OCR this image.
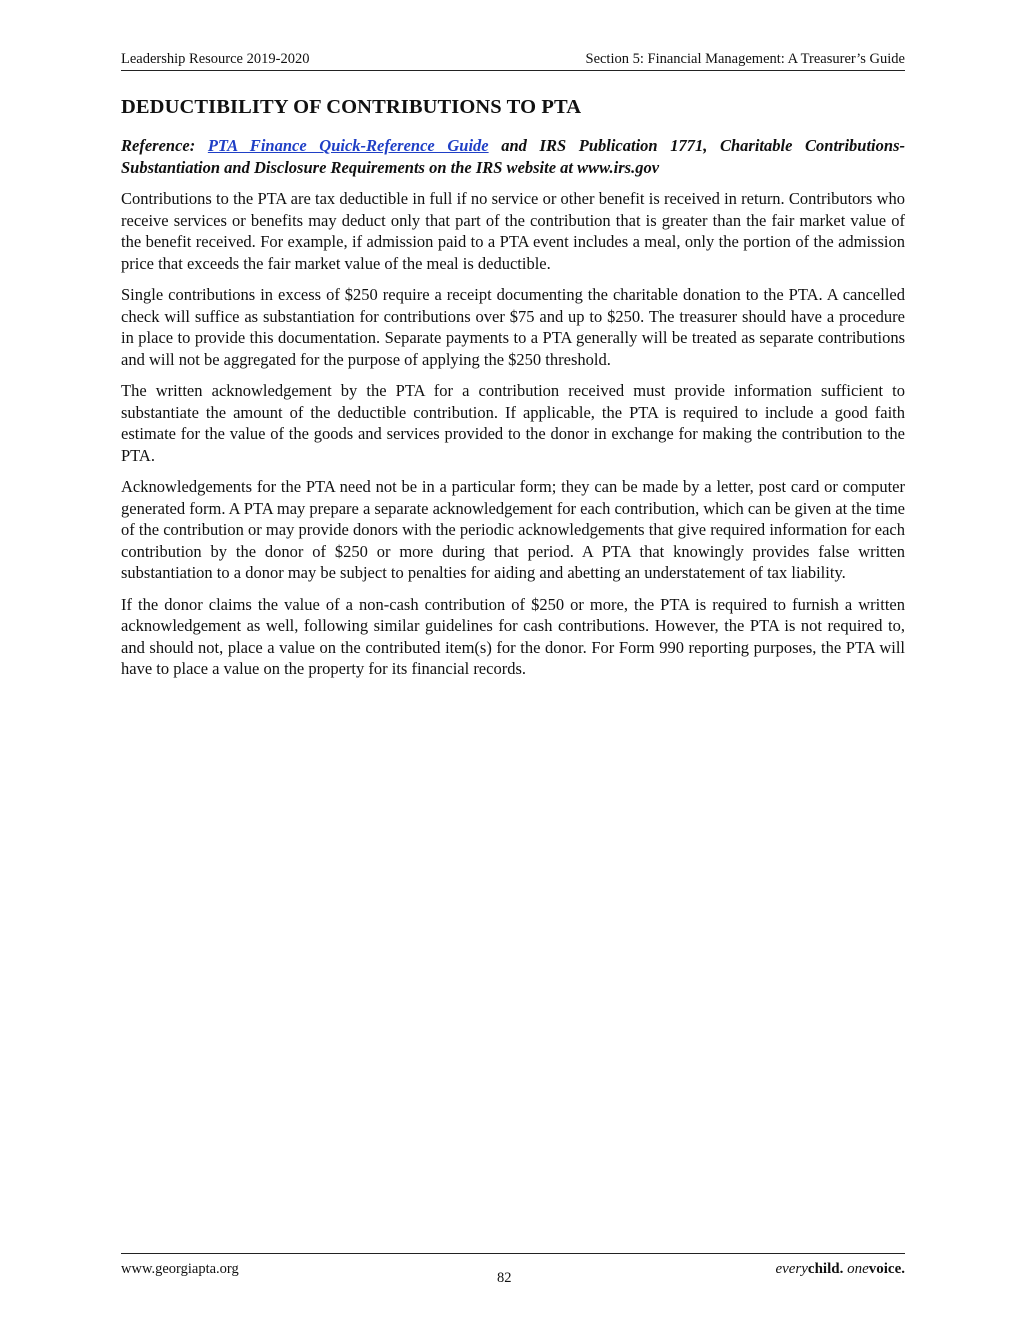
Leadership Resource 2019-2020	Section 5: Financial Management: A Treasurer’s Guide
DEDUCTIBILITY OF CONTRIBUTIONS TO PTA

Reference: PTA Finance Quick-Reference Guide and IRS Publication 1771, Charitable Contributions- Substantiation and Disclosure Requirements on the IRS website at www.irs.gov

Contributions to the PTA are tax deductible in full if no service or other benefit is received in return. Contributors who receive services or benefits may deduct only that part of the contribution that is greater than the fair market value of the benefit received. For example, if admission paid to a PTA event includes a meal, only the portion of the admission price that exceeds the fair market value of the meal is deductible.

Single contributions in excess of $250 require a receipt documenting the charitable donation to the PTA. A cancelled check will suffice as substantiation for contributions over $75 and up to $250. The treasurer should have a procedure in place to provide this documentation. Separate payments to a PTA generally will be treated as separate contributions and will not be aggregated for the purpose of applying the $250 threshold.

The written acknowledgement by the PTA for a contribution received must provide information sufficient to substantiate the amount of the deductible contribution. If applicable, the PTA is required to include a good faith estimate for the value of the goods and services provided to the donor in exchange for making the contribution to the PTA.

Acknowledgements for the PTA need not be in a particular form; they can be made by a letter, post card or computer generated form. A PTA may prepare a separate acknowledgement for each contribution, which can be given at the time of the contribution or may provide donors with the periodic acknowledgements that give required information for each contribution by the donor of $250 or more during that period. A PTA that knowingly provides false written substantiation to a donor may be subject to penalties for aiding and abetting an understatement of tax liability.

If the donor claims the value of a non-cash contribution of $250 or more, the PTA is required to furnish a written acknowledgement as well, following similar guidelines for cash contributions. However, the PTA is not required to, and should not, place a value on the contributed item(s) for the donor. For Form 990 reporting purposes, the PTA will have to place a value on the property for its financial records.

www.georgiapta.org
82
everychild. onevoice.
